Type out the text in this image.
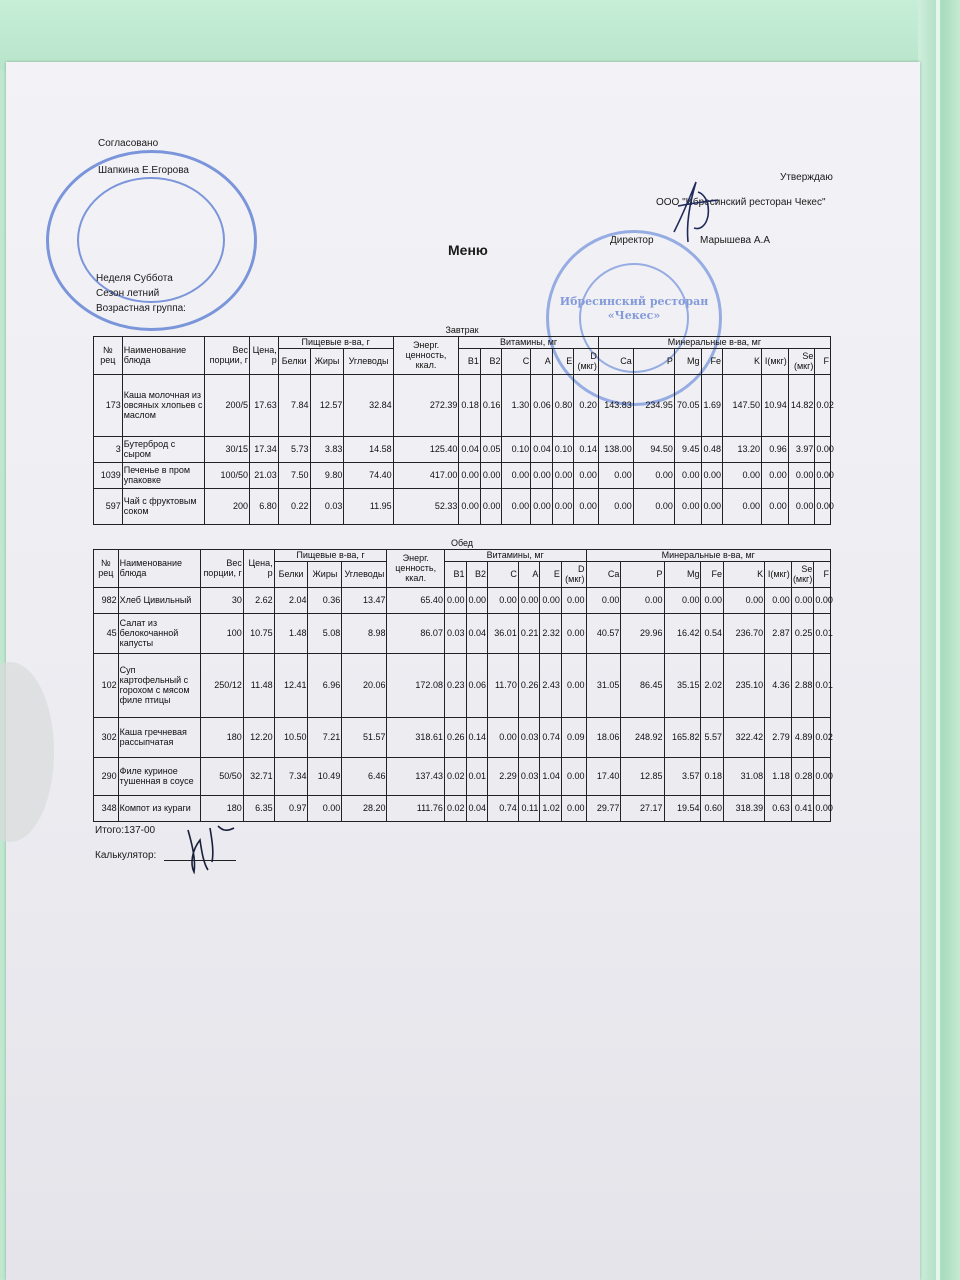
Ибресинский ресторан «Чекес»
Согласовано
Шапкина Е.Егорова
Утверждаю
ООО "Ибресинский ресторан Чекес"
Директор	Марышева А.А
Меню
Неделя Суббота
Сезон летний
Возрастная группа:
Завтрак																					
№ рец	Наименование блюда	Вес порции, г	Цена, р	Пищевые в-ва, г			Энерг. ценность, ккал.	Витамины, мг						Минеральные в-ва, мг							
				Белки	Жиры	Углеводы		B1	B2	C	A	E	D (мкг)	Ca	P	Mg	Fe	K	I(мкг)	Se (мкг)	F
173	Каша молочная из овсяных хлопьев с маслом	200/5	17.63	7.84	12.57	32.84	272.39	0.18	0.16	1.30	0.06	0.80	0.20	143.83	234.95	70.05	1.69	147.50	10.94	14.82	0.02
3	Бутерброд с сыром	30/15	17.34	5.73	3.83	14.58	125.40	0.04	0.05	0.10	0.04	0.10	0.14	138.00	94.50	9.45	0.48	13.20	0.96	3.97	0.00
1039	Печенье в пром упаковке	100/50	21.03	7.50	9.80	74.40	417.00	0.00	0.00	0.00	0.00	0.00	0.00	0.00	0.00	0.00	0.00	0.00	0.00	0.00	0.00
597	Чай с фруктовым соком	200	6.80	0.22	0.03	11.95	52.33	0.00	0.00	0.00	0.00	0.00	0.00	0.00	0.00	0.00	0.00	0.00	0.00	0.00	0.00
Обед																					
№ рец	Наименование блюда	Вес порции, г	Цена, р	Пищевые в-ва, г			Энерг. ценность, ккал.	Витамины, мг						Минеральные в-ва, мг							
				Белки	Жиры	Углеводы		B1	B2	C	A	E	D (мкг)	Ca	P	Mg	Fe	K	I(мкг)	Se (мкг)	F
982	Хлеб Цивильный	30	2.62	2.04	0.36	13.47	65.40	0.00	0.00	0.00	0.00	0.00	0.00	0.00	0.00	0.00	0.00	0.00	0.00	0.00	0.00
45	Салат из белокочанной капусты	100	10.75	1.48	5.08	8.98	86.07	0.03	0.04	36.01	0.21	2.32	0.00	40.57	29.96	16.42	0.54	236.70	2.87	0.25	0.01
102	Суп картофельный с горохом с мясом филе птицы	250/12	11.48	12.41	6.96	20.06	172.08	0.23	0.06	11.70	0.26	2.43	0.00	31.05	86.45	35.15	2.02	235.10	4.36	2.88	0.01
302	Каша гречневая рассыпчатая	180	12.20	10.50	7.21	51.57	318.61	0.26	0.14	0.00	0.03	0.74	0.09	18.06	248.92	165.82	5.57	322.42	2.79	4.89	0.02
290	Филе куриное тушенная в соусе	50/50	32.71	7.34	10.49	6.46	137.43	0.02	0.01	2.29	0.03	1.04	0.00	17.40	12.85	3.57	0.18	31.08	1.18	0.28	0.00
348	Компот из кураги	180	6.35	0.97	0.00	28.20	111.76	0.02	0.04	0.74	0.11	1.02	0.00	29.77	27.17	19.54	0.60	318.39	0.63	0.41	0.00
Итого:137-00
Калькулятор:
